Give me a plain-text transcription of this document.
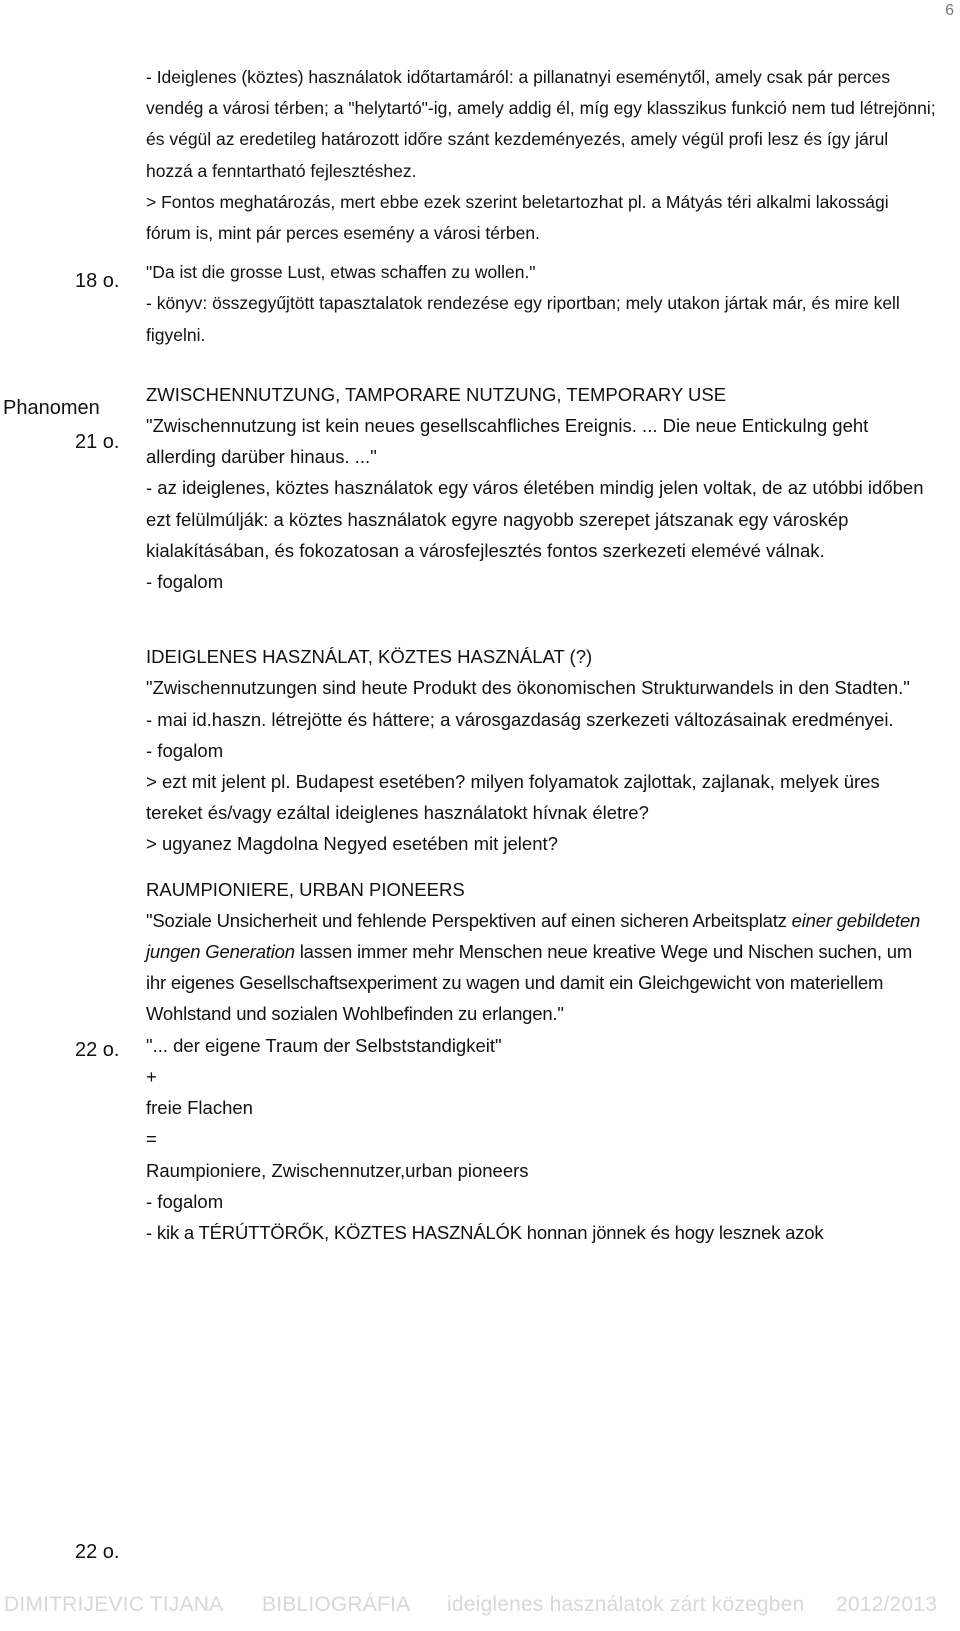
6
18 o.
Phanomen
21 o.
22 o.
22 o.

- Ideiglenes (köztes) használatok időtartamáról: a pillanatnyi eseménytől, amely csak pár perces vendég a városi térben; a "helytartó"-ig, amely addig él, míg egy klasszikus funkció nem tud létrejönni; és végül az eredetileg határozott időre szánt kezdeményezés, amely végül profi lesz és így járul hozzá a fenntartható fejlesztéshez.

> Fontos meghatározás, mert ebbe ezek szerint beletartozhat pl. a Mátyás téri alkalmi lakossági fórum is, mint pár perces esemény a városi térben.

"Da ist die grosse Lust, etwas schaffen zu wollen."

- könyv: összegyűjtött tapasztalatok rendezése egy riportban; mely utakon jártak már, és mire kell figyelni.

ZWISCHENNUTZUNG, TAMPORARE NUTZUNG, TEMPORARY USE

"Zwischennutzung ist kein neues gesellscahfliches Ereignis. ... Die neue Entickulng geht allerding darüber hinaus. ..."

- az ideiglenes, köztes használatok egy város életében mindig jelen voltak, de az utóbbi időben ezt felülmúlják: a köztes használatok egyre nagyobb szerepet játszanak egy városkép kialakításában, és fokozatosan a városfejlesztés fontos szerkezeti elemévé válnak.

- fogalom

IDEIGLENES HASZNÁLAT, KÖZTES HASZNÁLAT (?)

"Zwischennutzungen sind heute Produkt des ökonomischen Strukturwandels in den Stadten."

- mai id.haszn. létrejötte és háttere; a városgazdaság szerkezeti változásainak eredményei.

- fogalom

> ezt mit jelent pl. Budapest esetében? milyen folyamatok zajlottak, zajlanak, melyek üres tereket és/vagy ezáltal ideiglenes használatokt hívnak életre?

> ugyanez Magdolna Negyed esetében mit jelent?

RAUMPIONIERE, URBAN PIONEERS

"Soziale Unsicherheit und fehlende Perspektiven auf einen sicheren Arbeitsplatz einer gebildeten jungen Generation lassen immer mehr Menschen neue kreative Wege und Nischen suchen, um ihr eigenes Gesellschaftsexperiment zu wagen und damit ein Gleichgewicht von materiellem Wohlstand und sozialen Wohlbefinden zu erlangen."

"... der eigene Traum der Selbststandigkeit"

+

freie Flachen

=

Raumpioniere, Zwischennutzer,urban pioneers

- fogalom

- kik a TÉRÚTTÖRŐK, KÖZTES HASZNÁLÓK honnan jönnek és hogy lesznek azok

DIMITRIJEVIC TIJANA BIBLIOGRÁFIA ideiglenes használatok zárt közegben 2012/2013
